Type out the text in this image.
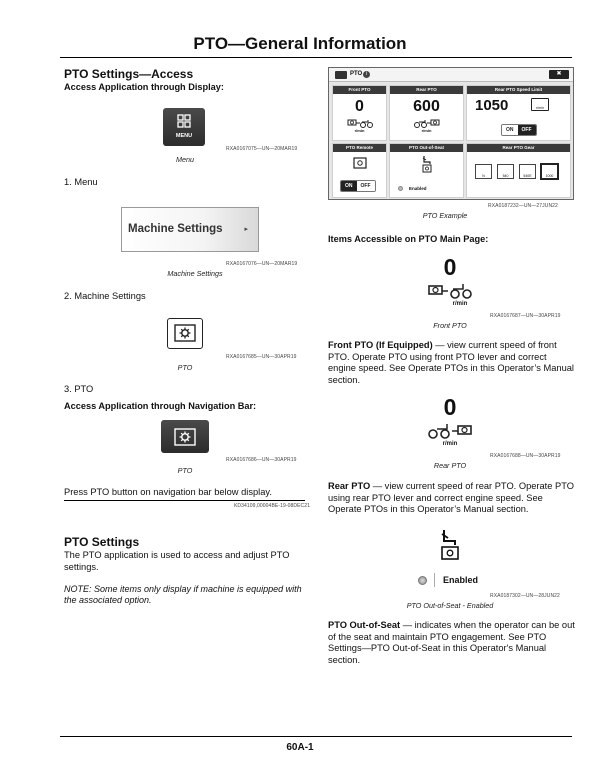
PTO—General Information
PTO Settings—Access
Access Application through Display:
MENU
RXA0167075—UN—20MAR19
Menu
1. Menu
Machine Settings	▸
RXA0167076—UN—20MAR19
Machine Settings
2. Machine Settings
RXA0167685—UN—30APR19
PTO
3. PTO
Access Application through Navigation Bar:
RXA0167686—UN—30APR19
PTO
Press PTO button on navigation bar below display.
KD34109,00004BE-19-08DEC21
PTO Settings
The PTO application is used to access and adjust PTO settings.
NOTE: Some items only display if machine is equipped with the associated option.
PTO i	✖
Front PTO
0
r/min
Rear PTO
600
r/min
Rear PTO Speed Limit
1050	r/min
ON	OFF
PTO Remote
ON	OFF
PTO Out-of-Seat
Enabled
Rear PTO Gear
N	540	540E	1000
RXA0187232—UN—27JUN22
PTO Example
Items Accessible on PTO Main Page:
0
r/min
RXA0167687—UN—30APR19
Front PTO
Front PTO (If Equipped) — view current speed of front PTO. Operate PTO using front PTO lever and correct engine speed. See Operate PTOs in this Operator’s Manual section.
0
r/min
RXA0167688—UN—30APR19
Rear PTO
Rear PTO — view current speed of rear PTO. Operate PTO using rear PTO lever and correct engine speed. See Operate PTOs in this Operator’s Manual section.
Enabled
RXA0187302—UN—28JUN22
PTO Out-of-Seat - Enabled
PTO Out-of-Seat — indicates when the operator can be out of the seat and maintain PTO engagement. See PTO Settings—PTO Out-of-Seat in this Operator's Manual section.
60A-1
